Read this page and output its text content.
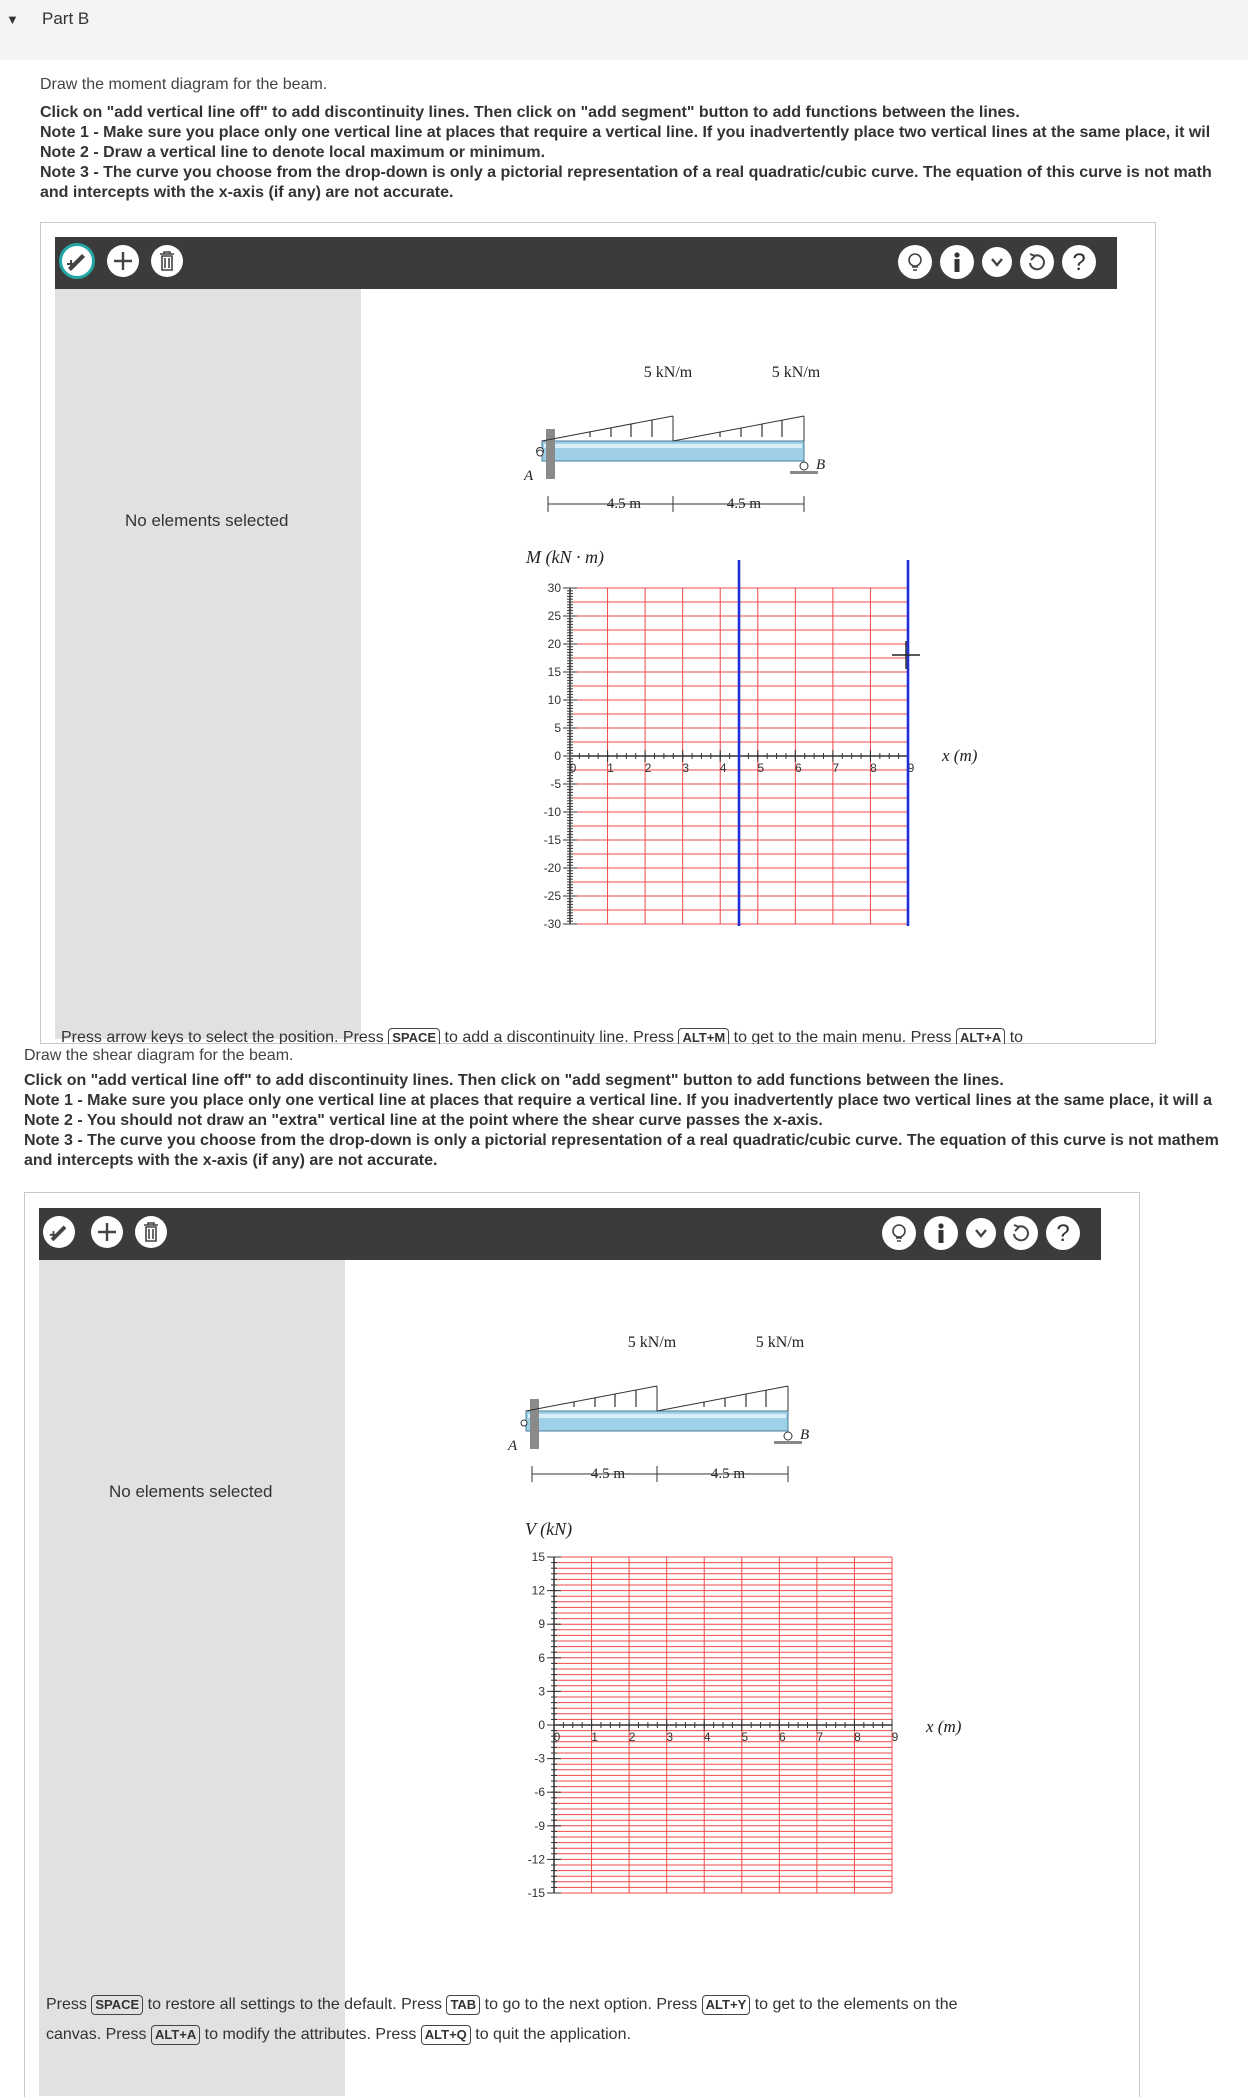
▼ Part B
Draw the moment diagram for the beam.
Click on "add vertical line off" to add discontinuity lines. Then click on "add segment" button to add functions between the lines.
Note 1 - Make sure you place only one vertical line at places that require a vertical line. If you inadvertently place two vertical lines at the same place, it wil
Note 2 - Draw a vertical line to denote local maximum or minimum.
Note 3 - The curve you choose from the drop-down is only a pictorial representation of a real quadratic/cubic curve. The equation of this curve is not math
and intercepts with the x-axis (if any) are not accurate.
?
No elements selected
5 kN/m	5 kN/m
A
B
4.5 m	4.5 m
M (kN · m)
30
25
20
15
10
5
0
-5
-10
-15
-20
-25
-30
0	1	2	3	4	5	6	7	8	9
x (m)
Press arrow keys to select the position. Press SPACE to add a discontinuity line. Press ALT+M to get to the main menu. Press ALT+A to
Draw the shear diagram for the beam.
Click on "add vertical line off" to add discontinuity lines. Then click on "add segment" button to add functions between the lines.
Note 1 - Make sure you place only one vertical line at places that require a vertical line. If you inadvertently place two vertical lines at the same place, it will a
Note 2 - You should not draw an "extra" vertical line at the point where the shear curve passes the x-axis.
Note 3 - The curve you choose from the drop-down is only a pictorial representation of a real quadratic/cubic curve. The equation of this curve is not mathem
and intercepts with the x-axis (if any) are not accurate.
?
No elements selected
5 kN/m	5 kN/m
A
B
4.5 m	4.5 m
V (kN)
15
12
9
6
3
0
-3
-6
-9
-12
-15
0	1	2	3	4	5	6	7	8	9
x (m)
Press SPACE to restore all settings to the default. Press TAB to go to the next option. Press ALT+Y to get to the elements on the
canvas. Press ALT+A to modify the attributes. Press ALT+Q to quit the application.
